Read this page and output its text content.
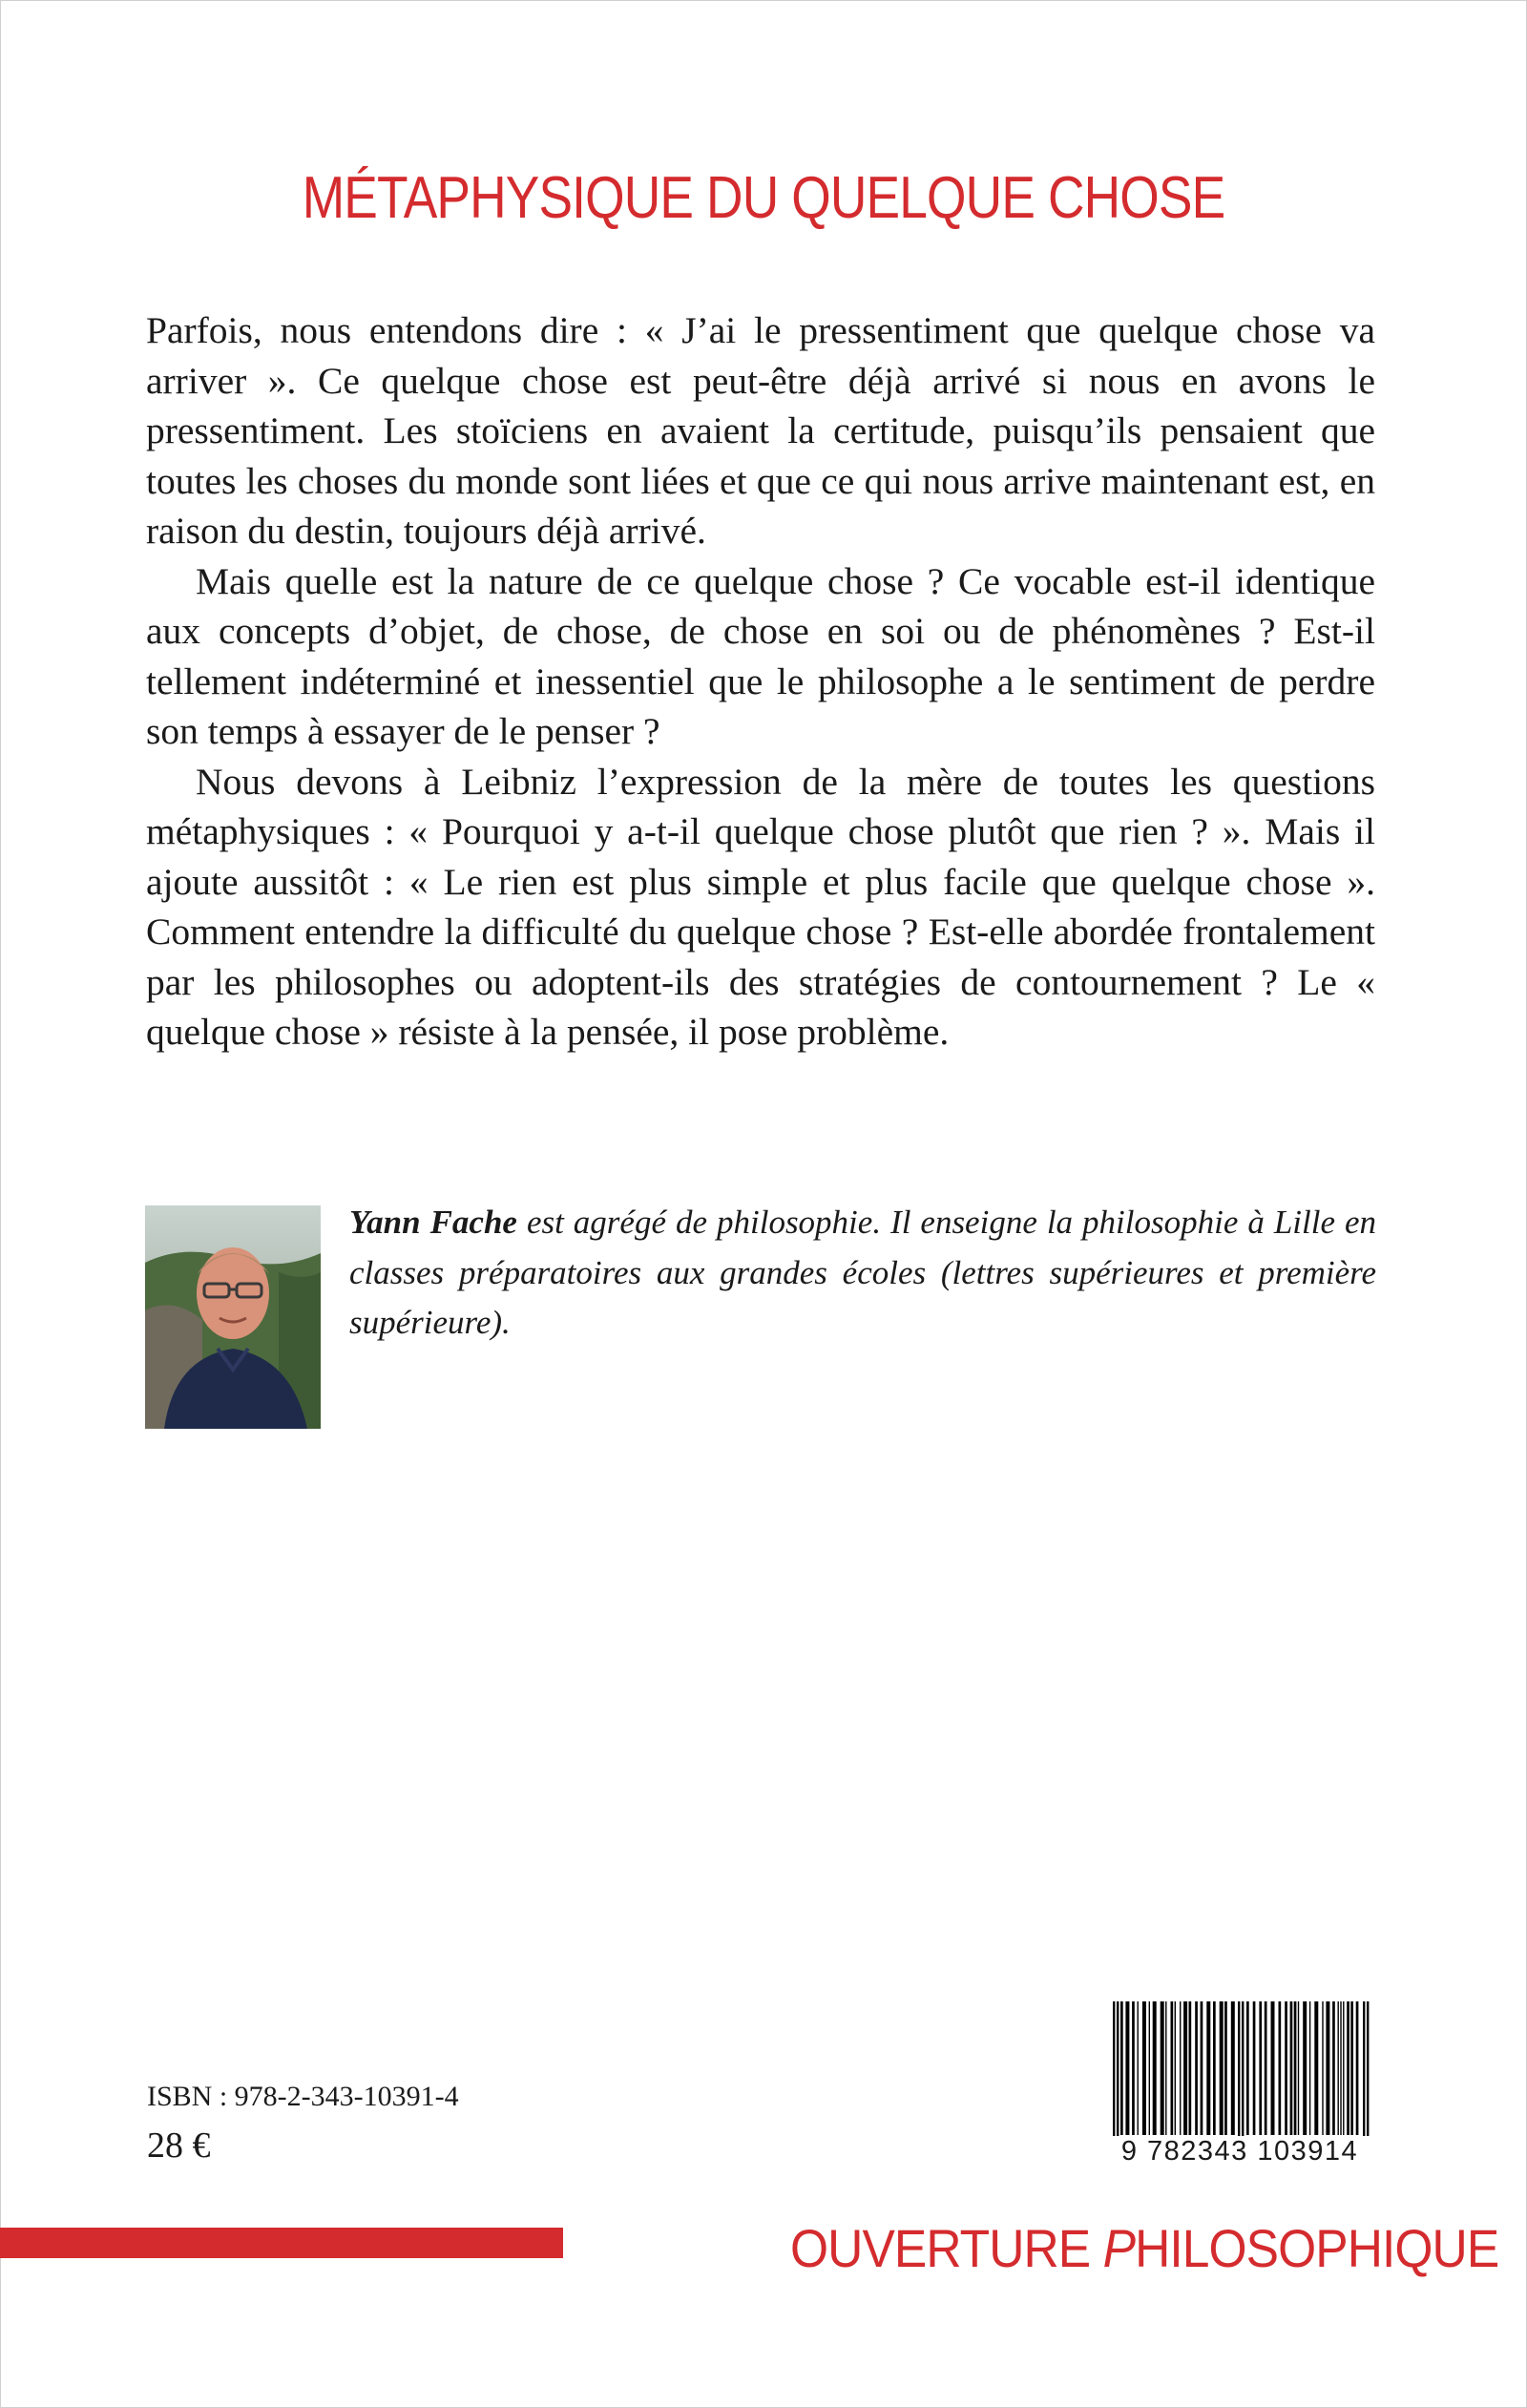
MÉTAPHYSIQUE DU QUELQUE CHOSE

Parfois, nous entendons dire : « J’ai le pressentiment que quelque chose va arriver ». Ce quelque chose est peut-être déjà arrivé si nous en avons le pressentiment. Les stoïciens en avaient la certitude, puisqu’ils pensaient que toutes les choses du monde sont liées et que ce qui nous arrive maintenant est, en raison du destin, toujours déjà arrivé.

Mais quelle est la nature de ce quelque chose ? Ce vocable est-il identique aux concepts d’objet, de chose, de chose en soi ou de phénomènes ? Est-il tellement indéterminé et inessentiel que le philosophe a le sentiment de perdre son temps à essayer de le penser ?

Nous devons à Leibniz l’expression de la mère de toutes les questions métaphysiques : « Pourquoi y a-t-il quelque chose plutôt que rien ? ». Mais il ajoute aussitôt : « Le rien est plus simple et plus facile que quelque chose ». Comment entendre la difficulté du quelque chose ? Est-elle abordée frontalement par les philosophes ou adoptent-ils des stratégies de contournement ? Le « quelque chose » résiste à la pensée, il pose problème.

Yann Fache est agrégé de philosophie. Il enseigne la philosophie à Lille en classes préparatoires aux grandes écoles (lettres supérieures et première supérieure).

ISBN : 978-2-343-10391-4
28 €	9 782343 103914
OUVERTURE PHILOSOPHIQUE
